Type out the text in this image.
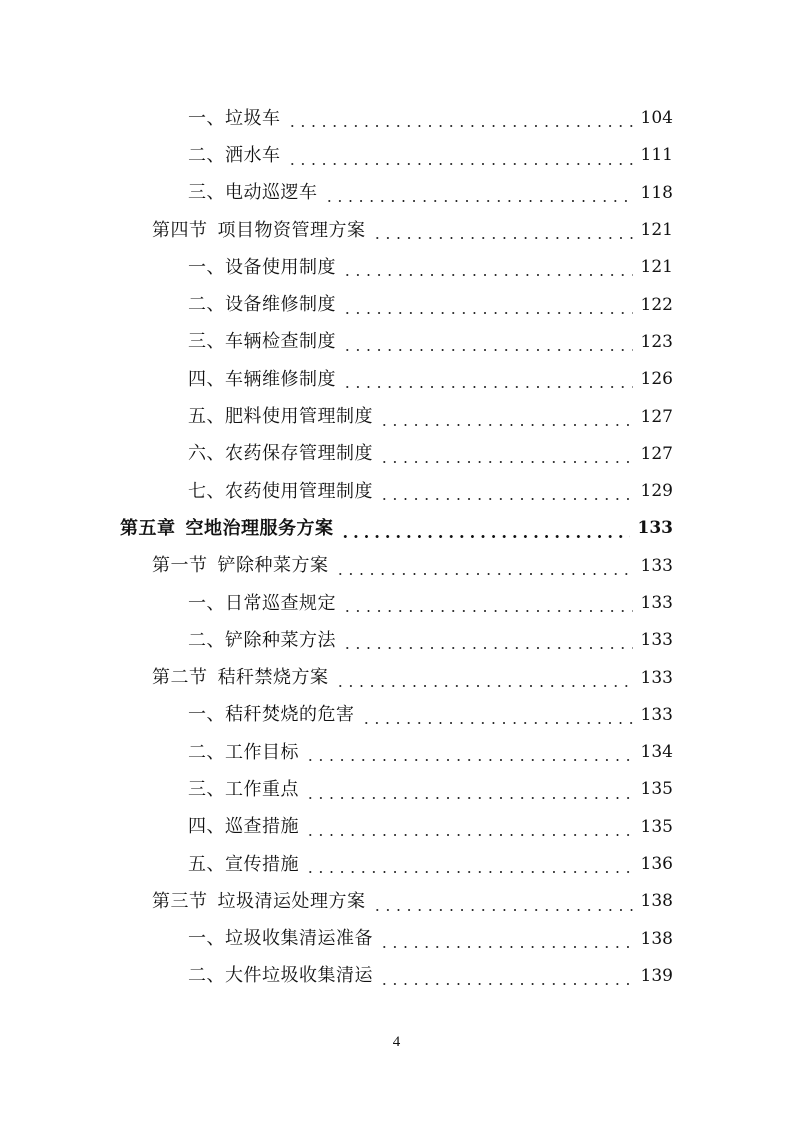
一、垃圾车	104
二、洒水车	111
三、电动巡逻车	118
第四节 项目物资管理方案	121
一、设备使用制度	121
二、设备维修制度	122
三、车辆检查制度	123
四、车辆维修制度	126
五、肥料使用管理制度	127
六、农药保存管理制度	127
七、农药使用管理制度	129
第五章 空地治理服务方案	133
第一节 铲除种菜方案	133
一、日常巡查规定	133
二、铲除种菜方法	133
第二节 秸秆禁烧方案	133
一、秸秆焚烧的危害	133
二、工作目标	134
三、工作重点	135
四、巡查措施	135
五、宣传措施	136
第三节 垃圾清运处理方案	138
一、垃圾收集清运准备	138
二、大件垃圾收集清运	139
4
